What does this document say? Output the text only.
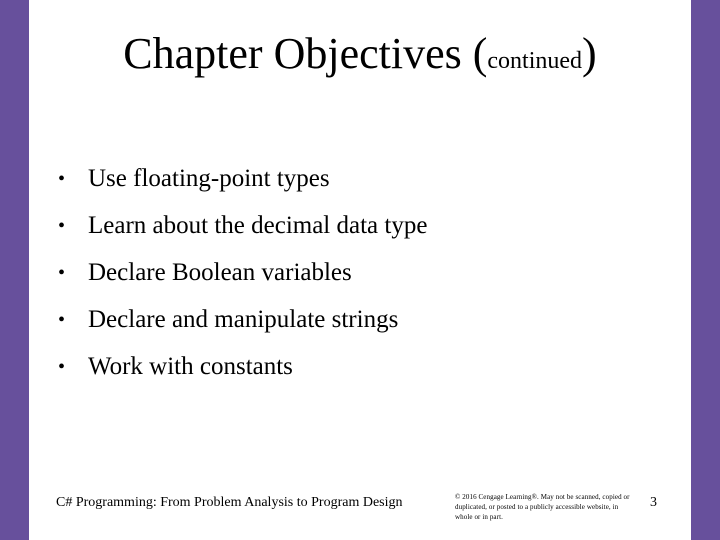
Chapter Objectives (continued)
• Use floating-point types
• Learn about the decimal data type
• Declare Boolean variables
• Declare and manipulate strings
• Work with constants
C# Programming: From Problem Analysis to Program Design	© 2016 Cengage Learning®. May not be scanned, copied or duplicated, or posted to a publicly accessible website, in whole or in part.
3
